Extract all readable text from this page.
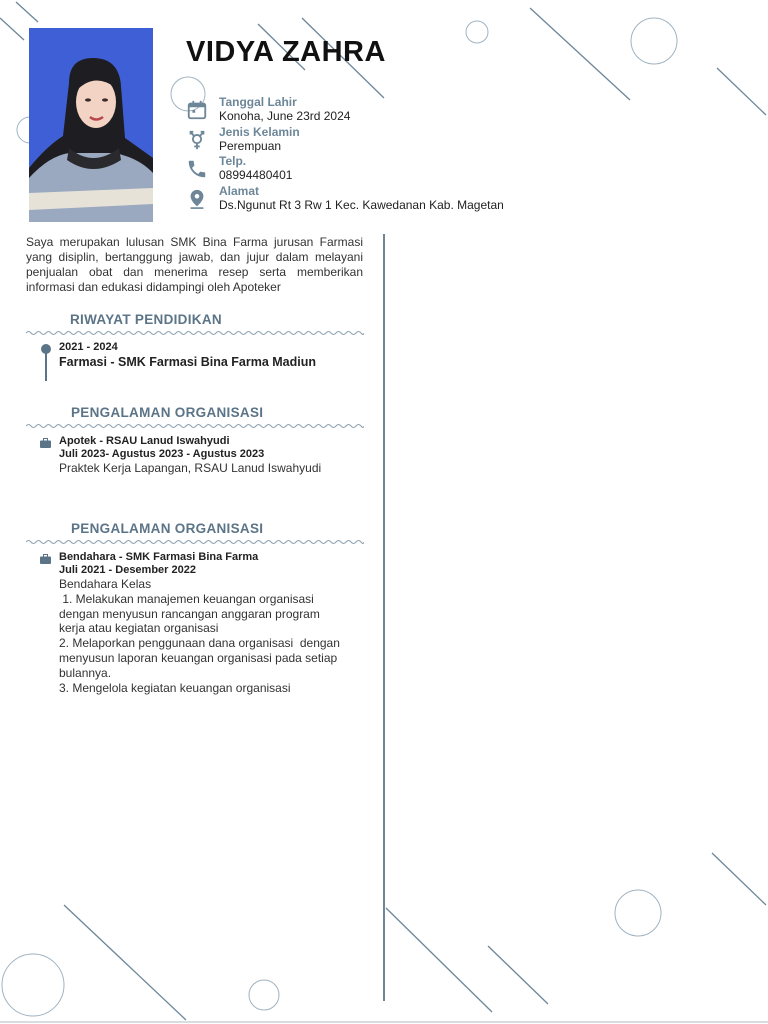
VIDYA ZAHRA
Tanggal Lahir
Konoha, June 23rd 2024
Jenis Kelamin
Perempuan
Telp.
08994480401
Alamat
Ds.Ngunut Rt 3 Rw 1 Kec. Kawedanan Kab. Magetan

Saya merupakan lulusan SMK Bina Farma jurusan Farmasi yang disiplin, bertanggung jawab, dan jujur dalam melayani penjualan obat dan menerima resep serta memberikan informasi dan edukasi didampingi oleh Apoteker

RIWAYAT PENDIDIKAN
2021 - 2024
Farmasi - SMK Farmasi Bina Farma Madiun
PENGALAMAN ORGANISASI
Apotek - RSAU Lanud Iswahyudi
Juli 2023- Agustus 2023 - Agustus 2023
Praktek Kerja Lapangan, RSAU Lanud Iswahyudi
PENGALAMAN ORGANISASI
Bendahara - SMK Farmasi Bina Farma
Juli 2021 - Desember 2022
Bendahara Kelas
1. Melakukan manajemen keuangan organisasi
dengan menyusun rancangan anggaran program
kerja atau kegiatan organisasi
2. Melaporkan penggunaan dana organisasi  dengan
menyusun laporan keuangan organisasi pada setiap
bulannya.
3. Mengelola kegiatan keuangan organisasi
